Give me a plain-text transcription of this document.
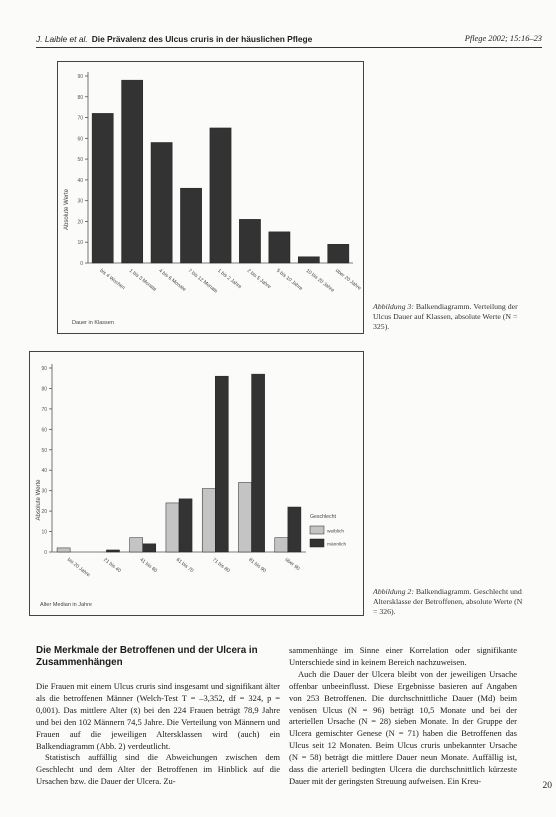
J. Laible et al. Die Prävalenz des Ulcus cruris in der häuslichen Pflege	Pflege 2002; 15:16–23
0
10
20
30
40
50
60
70
80
90
bis 4 Wochen 1 bis 3 Monate 4 bis 6 Monate 7 bis 12 Monate
1 bis 2 Jahre 2 bis 5 Jahre 5 bis 10 Jahre 10 bis 20 Jahre
über 20 Jahre
Absolute Werte
Dauer in Klassen
Abbildung 3: Balkendiagramm. Verteilung der Ulcus Dauer auf Klassen, absolute Werte (N = 325).
0
10
20
30
40
50
60
70
80
90
bis 20 Jahre 21 bis 40	41 bis 60	61 bis 70	71 bis 80	81 bis 90	über 90
Absolute Werte
Alter Median in Jahre
Geschlecht
weiblich
männlich
Abbildung 2: Balkendiagramm. Geschlecht und Altersklasse der Betroffenen, absolute Werte (N = 326).
Die Merkmale der Betroffenen und der Ulcera in Zusammenhängen

Die Frauen mit einem Ulcus cruris sind insgesamt und signifikant älter als die betroffenen Männer (Welch-Test T = –3,352, df = 324, p = 0,001). Das mittlere Alter (x̄) bei den 224 Frauen beträgt 78,9 Jahre und bei den 102 Männern 74,5 Jahre. Die Verteilung von Männern und Frauen auf die jeweiligen Altersklassen wird (auch) ein Balkendiagramm (Abb. 2) verdeutlicht.

Statistisch auffällig sind die Abweichungen zwischen dem Geschlecht und dem Alter der Betroffenen im Hinblick auf die Ursachen bzw. die Dauer der Ulcera. Zu-

sammenhänge im Sinne einer Korrelation oder signifikante Unterschiede sind in keinem Bereich nachzuweisen.

Auch die Dauer der Ulcera bleibt von der jeweiligen Ursache offenbar unbeeinflusst. Diese Ergebnisse basieren auf Angaben von 253 Betroffenen. Die durchschnittliche Dauer (Md) beim venösen Ulcus (N = 96) beträgt 10,5 Monate und bei der arteriellen Ursache (N = 28) sieben Monate. In der Gruppe der Ulcera gemischter Genese (N = 71) haben die Betroffenen das Ulcus seit 12 Monaten. Beim Ulcus cruris unbekannter Ursache (N = 58) beträgt die mittlere Dauer neun Monate. Auffällig ist, dass die arteriell bedingten Ulcera die durchschnittlich kürzeste Dauer mit der geringsten Streuung aufweisen. Ein Kreu-

20
